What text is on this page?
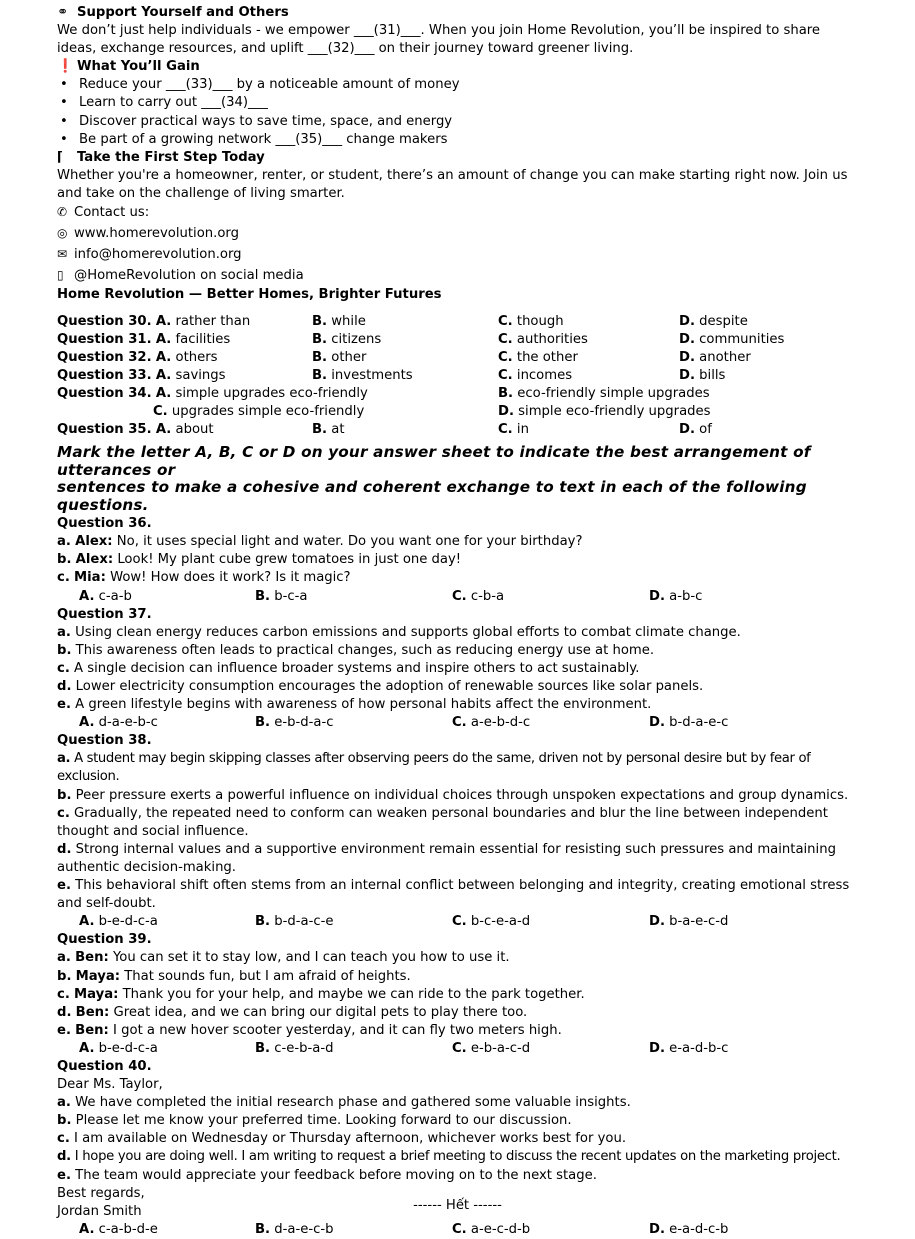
⚭ Support Yourself and Others
We don’t just help individuals - we empower ___(31)___. When you join Home Revolution, you’ll be inspired to share
ideas, exchange resources, and uplift ___(32)___ on their journey toward greener living.
❗ What You’ll Gain
• Reduce your ___(33)___ by a noticeable amount of money
• Learn to carry out ___(34)___
• Discover practical ways to save time, space, and energy
• Be part of a growing network ___(35)___ change makers
⌈ Take the First Step Today
Whether you're a homeowner, renter, or student, there’s an amount of change you can make starting right now. Join us
and take on the challenge of living smarter.
✆ Contact us:
◎ www.homerevolution.org
✉ info@homerevolution.org
▯ @HomeRevolution on social media
Home Revolution — Better Homes, Brighter Futures
Question 30. A. rather than	B. while	C. though	D. despite
Question 31. A. facilities	B. citizens	C. authorities	D. communities
Question 32. A. others	B. other	C. the other	D. another
Question 33. A. savings	B. investments	C. incomes	D. bills
Question 34. A. simple upgrades eco-friendly	B. eco-friendly simple upgrades
C. upgrades simple eco-friendly	D. simple eco-friendly upgrades
Question 35. A. about	B. at	C. in	D. of
Mark the letter A, B, C or D on your answer sheet to indicate the best arrangement of utterances or
sentences to make a cohesive and coherent exchange to text in each of the following questions.
Question 36.
a. Alex: No, it uses special light and water. Do you want one for your birthday?
b. Alex: Look! My plant cube grew tomatoes in just one day!
c. Mia: Wow! How does it work? Is it magic?
A. c-a-b	B. b-c-a	C. c-b-a	D. a-b-c
Question 37.
a. Using clean energy reduces carbon emissions and supports global efforts to combat climate change.
b. This awareness often leads to practical changes, such as reducing energy use at home.
c. A single decision can influence broader systems and inspire others to act sustainably.
d. Lower electricity consumption encourages the adoption of renewable sources like solar panels.
e. A green lifestyle begins with awareness of how personal habits affect the environment.
A. d-a-e-b-c	B. e-b-d-a-c	C. a-e-b-d-c	D. b-d-a-e-c
Question 38.
a. A student may begin skipping classes after observing peers do the same, driven not by personal desire but by fear of exclusion.
b. Peer pressure exerts a powerful influence on individual choices through unspoken expectations and group dynamics.
c. Gradually, the repeated need to conform can weaken personal boundaries and blur the line between independent
thought and social influence.
d. Strong internal values and a supportive environment remain essential for resisting such pressures and maintaining
authentic decision-making.
e. This behavioral shift often stems from an internal conflict between belonging and integrity, creating emotional stress
and self-doubt.
A. b-e-d-c-a	B. b-d-a-c-e	C. b-c-e-a-d	D. b-a-e-c-d
Question 39.
a. Ben: You can set it to stay low, and I can teach you how to use it.
b. Maya: That sounds fun, but I am afraid of heights.
c. Maya: Thank you for your help, and maybe we can ride to the park together.
d. Ben: Great idea, and we can bring our digital pets to play there too.
e. Ben: I got a new hover scooter yesterday, and it can fly two meters high.
A. b-e-d-c-a	B. c-e-b-a-d	C. e-b-a-c-d	D. e-a-d-b-c
Question 40.
Dear Ms. Taylor,
a. We have completed the initial research phase and gathered some valuable insights.
b. Please let me know your preferred time. Looking forward to our discussion.
c. I am available on Wednesday or Thursday afternoon, whichever works best for you.
d. I hope you are doing well. I am writing to request a brief meeting to discuss the recent updates on the marketing project.
e. The team would appreciate your feedback before moving on to the next stage.
Best regards,
Jordan Smith
A. c-a-b-d-e	B. d-a-e-c-b	C. a-e-c-d-b	D. e-a-d-c-b
------ Hết ------
